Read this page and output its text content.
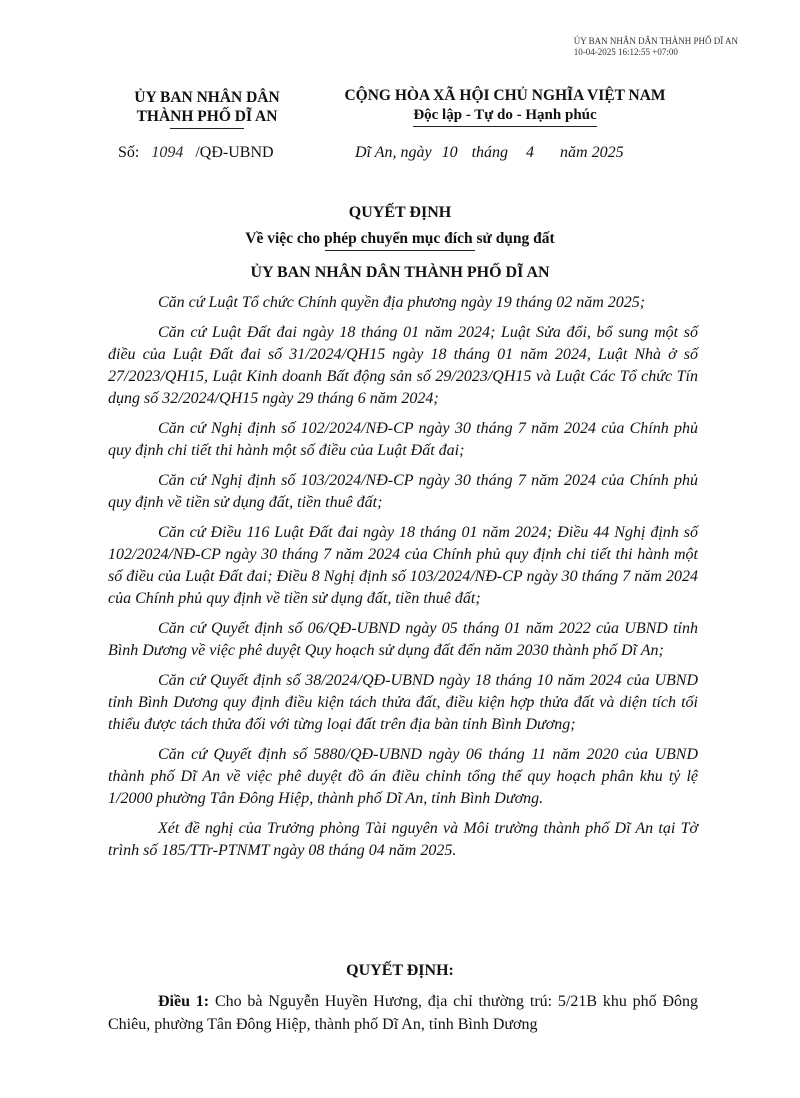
ỦY BAN NHÂN DÂN THÀNH PHỐ DĨ AN
10-04-2025 16:12:55 +07:00
ỦY BAN NHÂN DÂN
THÀNH PHỐ DĨ AN
CỘNG HÒA XÃ HỘI CHỦ NGHĨA VIỆT NAM
Độc lập - Tự do - Hạnh phúc
Số: 1094 /QĐ-UBND	Dĩ An, ngày 10 tháng 4 năm 2025
QUYẾT ĐỊNH
Về việc cho phép chuyển mục đích sử dụng đất
ỦY BAN NHÂN DÂN THÀNH PHỐ DĨ AN

Căn cứ Luật Tổ chức Chính quyền địa phương ngày 19 tháng 02 năm 2025;

Căn cứ Luật Đất đai ngày 18 tháng 01 năm 2024; Luật Sửa đổi, bổ sung một số điều của Luật Đất đai số 31/2024/QH15 ngày 18 tháng 01 năm 2024, Luật Nhà ở số 27/2023/QH15, Luật Kinh doanh Bất động sản số 29/2023/QH15 và Luật Các Tổ chức Tín dụng số 32/2024/QH15 ngày 29 tháng 6 năm 2024;

Căn cứ Nghị định số 102/2024/NĐ-CP ngày 30 tháng 7 năm 2024 của Chính phủ quy định chi tiết thi hành một số điều của Luật Đất đai;

Căn cứ Nghị định số 103/2024/NĐ-CP ngày 30 tháng 7 năm 2024 của Chính phủ quy định về tiền sử dụng đất, tiền thuê đất;

Căn cứ Điều 116 Luật Đất đai ngày 18 tháng 01 năm 2024; Điều 44 Nghị định số 102/2024/NĐ-CP ngày 30 tháng 7 năm 2024 của Chính phủ quy định chi tiết thi hành một số điều của Luật Đất đai; Điều 8 Nghị định số 103/2024/NĐ-CP ngày 30 tháng 7 năm 2024 của Chính phủ quy định về tiền sử dụng đất, tiền thuê đất;

Căn cứ Quyết định số 06/QĐ-UBND ngày 05 tháng 01 năm 2022 của UBND tỉnh Bình Dương về việc phê duyệt Quy hoạch sử dụng đất đến năm 2030 thành phố Dĩ An;

Căn cứ Quyết định số 38/2024/QĐ-UBND ngày 18 tháng 10 năm 2024 của UBND tỉnh Bình Dương quy định điều kiện tách thửa đất, điều kiện hợp thửa đất và diện tích tối thiểu được tách thửa đối với từng loại đất trên địa bàn tỉnh Bình Dương;

Căn cứ Quyết định số 5880/QĐ-UBND ngày 06 tháng 11 năm 2020 của UBND thành phố Dĩ An về việc phê duyệt đồ án điều chỉnh tổng thể quy hoạch phân khu tỷ lệ 1/2000 phường Tân Đông Hiệp, thành phố Dĩ An, tỉnh Bình Dương.

Xét đề nghị của Trưởng phòng Tài nguyên và Môi trường thành phố Dĩ An tại Tờ trình số 185/TTr-PTNMT ngày 08 tháng 04 năm 2025.

QUYẾT ĐỊNH:

Điều 1: Cho bà Nguyễn Huyền Hương, địa chỉ thường trú: 5/21B khu phố Đông Chiêu, phường Tân Đông Hiệp, thành phố Dĩ An, tỉnh Bình Dương
